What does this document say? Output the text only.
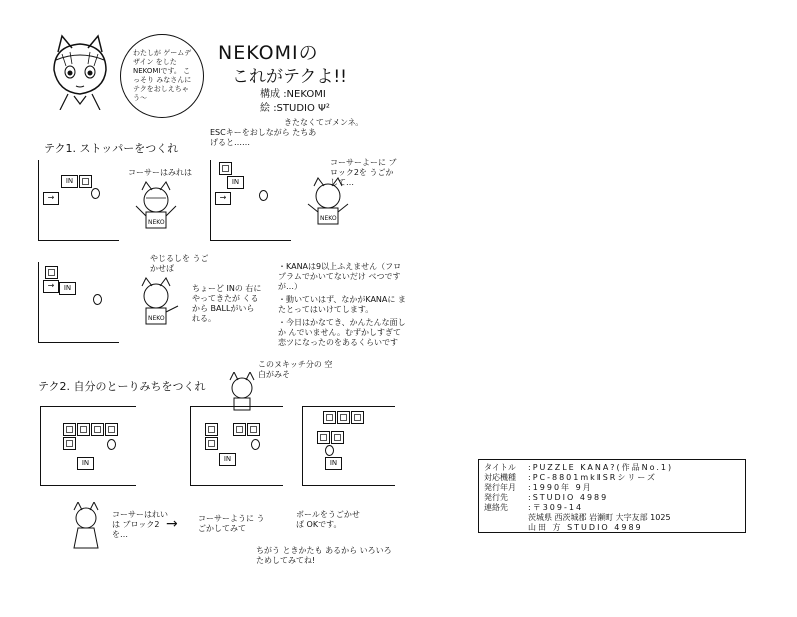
わたしが ゲームデザイン をしたNEKOMIです。 こっそり みなさんに テクをおしえちゃう〜
NEKOMIの
これがテクよ!!
構成 :NEKOMI
絵 :STUDIO Ψ²
きたなくてゴメンネ。
テク1. ストッパーをつくれ
ESCキーをおしながら たちあげると……
→
IN
コーサーはみれは
NEKO
→
IN
コーサーよーに ブロック2を うごかして…
NEKO
→	IN
やじるしを うごかせば
NEKO
ちょーど INの 右にやってきたが くるから BALLがいられる。
・KANAは9以上ふえません（フロプラムでかいてないだけ べつですが…）
・動いていはず、なかがKANAに またとってはいけてします。
・今日はかなてき、かんたんな面しか んでいません。むずかしすぎて 恋ツになったのをあるくらいです
テク2. 自分のとーりみちをつくれ
このヌキッチ分の 空白がみそ
IN	IN	IN
コーサーはれいは ブロック2を…
→	コーサーように うごかしてみて
ボールをうごかせば OKです。
ちがう ときかたも あるから いろいろ ためしてみてね!
タイトル	:PUZZLE KANA?(作品No.1)
対応機種	:PC-8801mkⅡSRシリーズ
発行年月	:1990年 9月
発行先	:STUDIO 4989
連絡先	:〒309-14
茨城県 西茨城郡 岩瀬町 大字友部 1025
山田 方 STUDIO 4989
